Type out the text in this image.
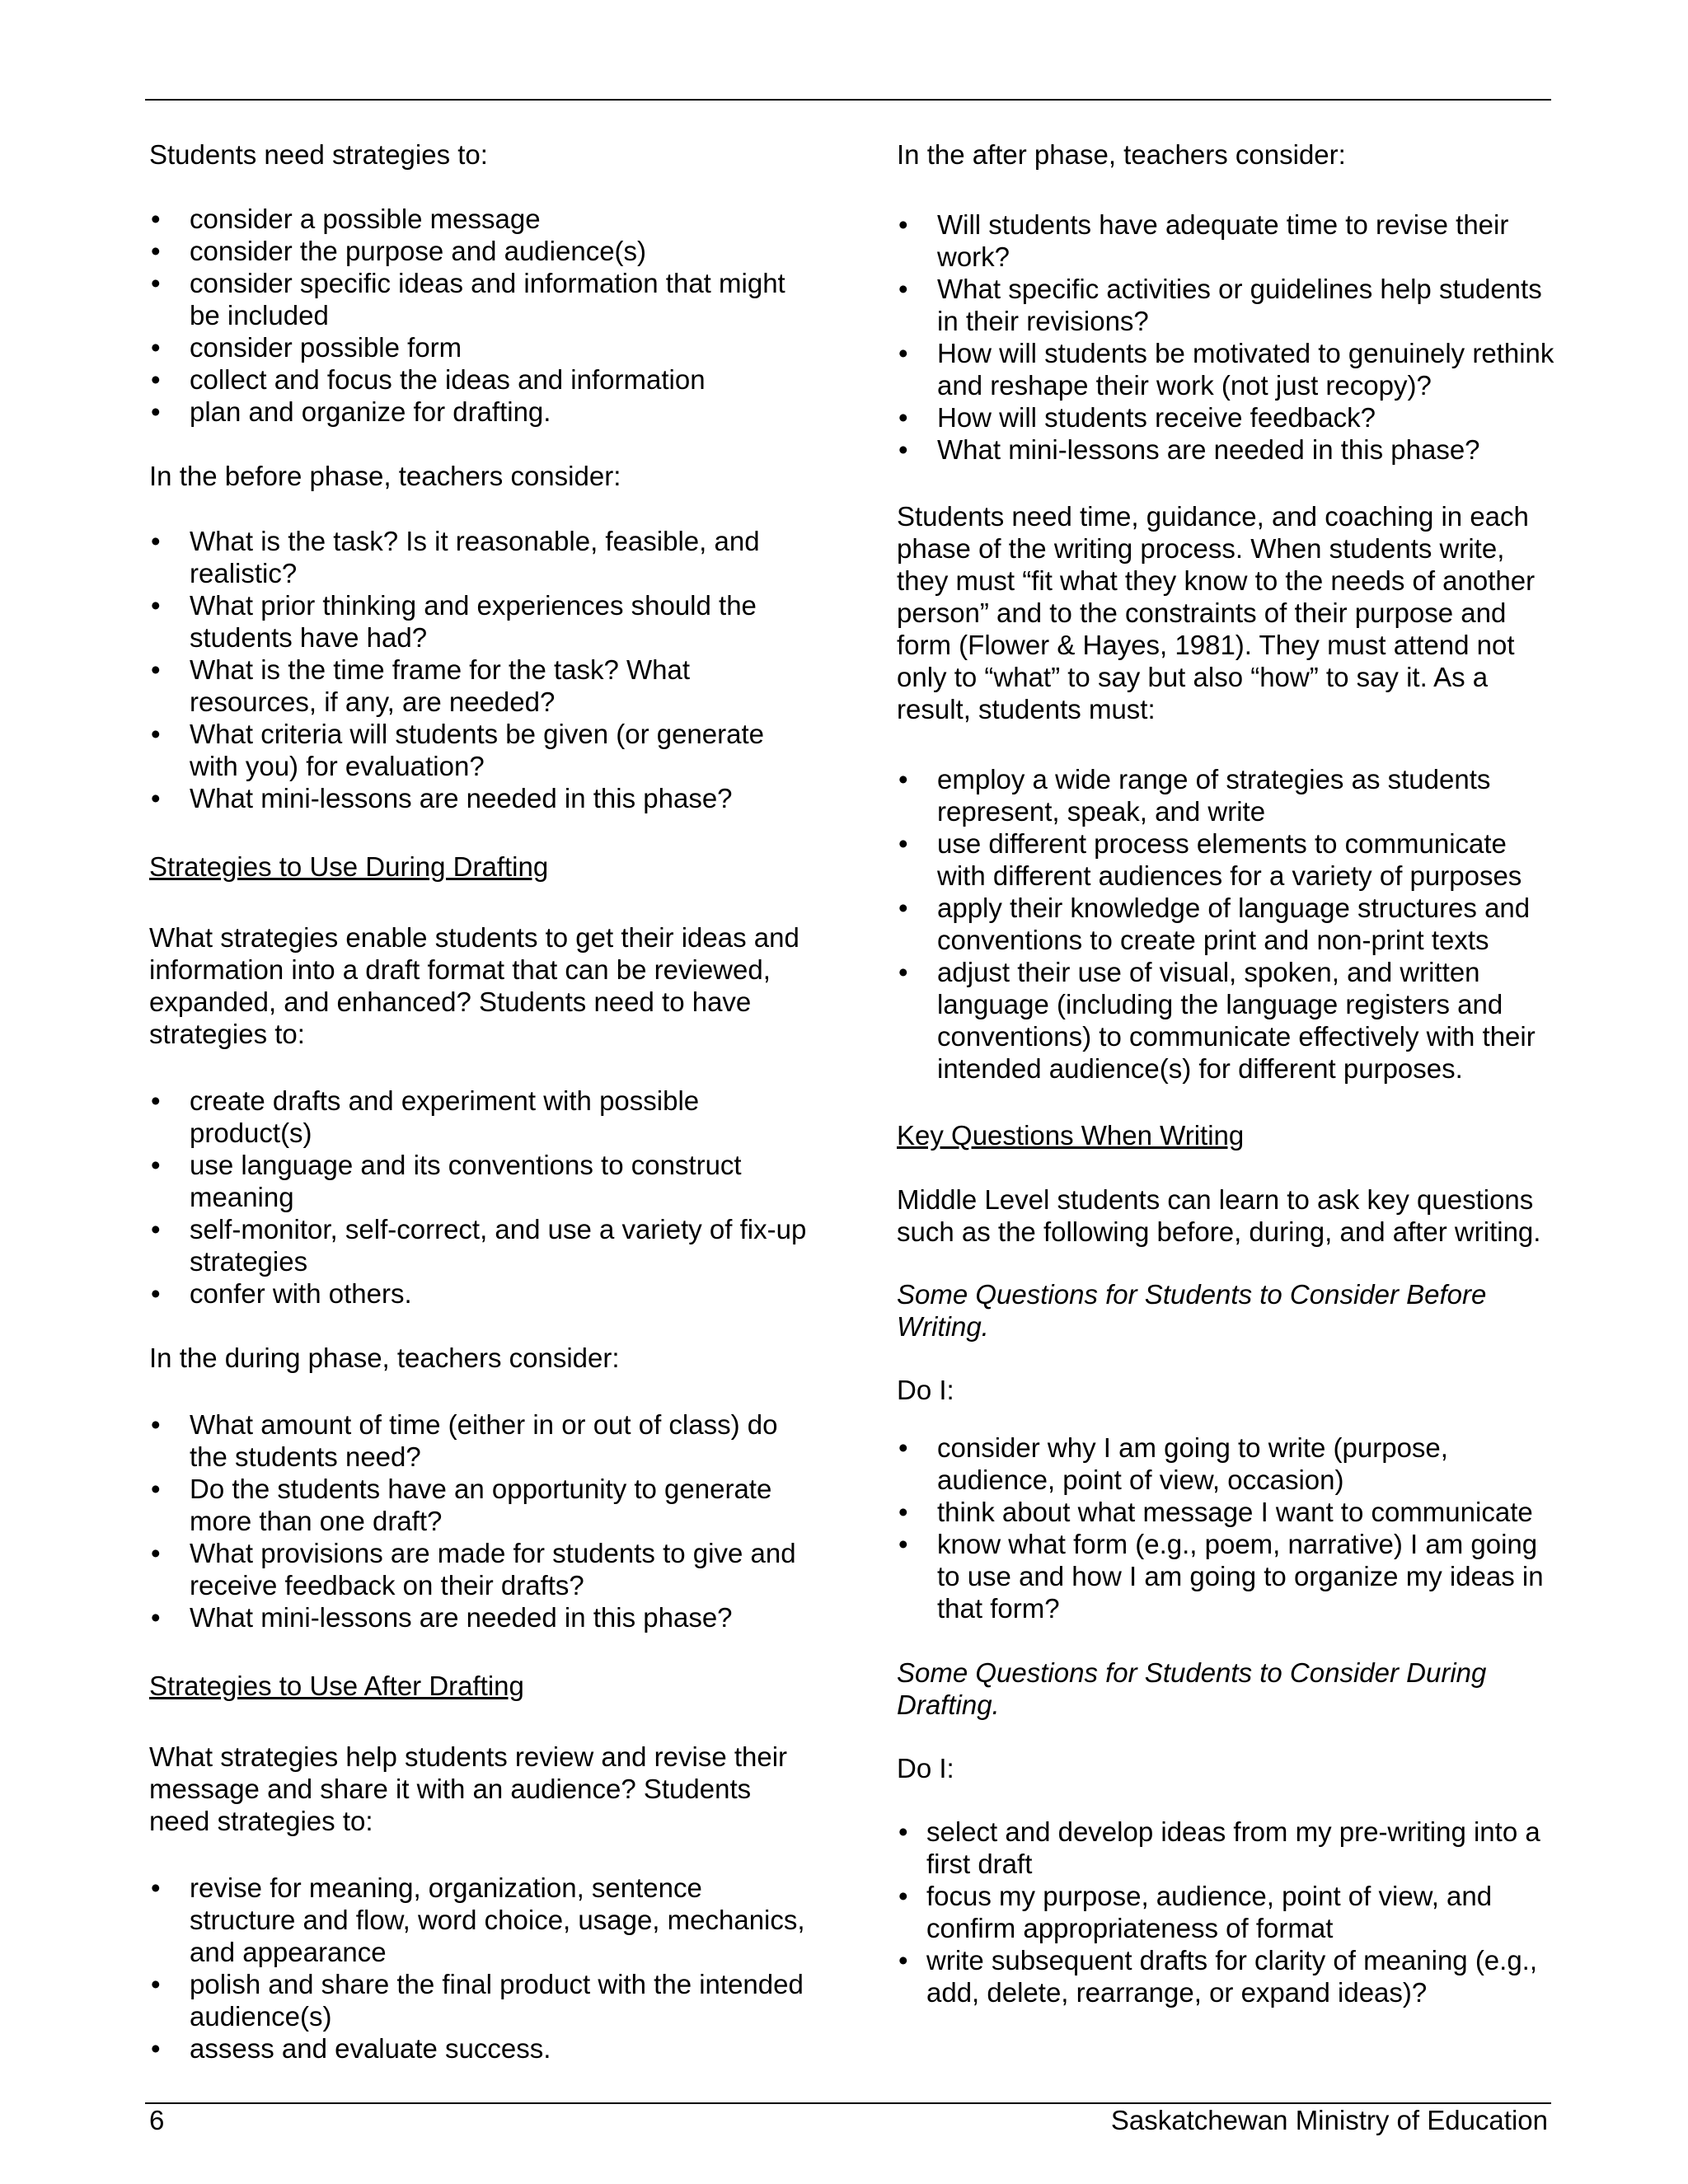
Students need strategies to:

• consider a possible message
• consider the purpose and audience(s)
• consider specific ideas and information that might be included
• consider possible form
• collect and focus the ideas and information
• plan and organize for drafting.

In the before phase, teachers consider:

• What is the task? Is it reasonable, feasible, and realistic?
• What prior thinking and experiences should the students have had?
• What is the time frame for the task? What resources, if any, are needed?
• What criteria will students be given (or generate with you) for evaluation?
• What mini-lessons are needed in this phase?

Strategies to Use During Drafting

What strategies enable students to get their ideas and information into a draft format that can be reviewed, expanded, and enhanced? Students need to have strategies to:

• create drafts and experiment with possible product(s)
• use language and its conventions to construct meaning
• self-monitor, self-correct, and use a variety of fix-up strategies
• confer with others.

In the during phase, teachers consider:

• What amount of time (either in or out of class) do the students need?
• Do the students have an opportunity to generate more than one draft?
• What provisions are made for students to give and receive feedback on their drafts?
• What mini-lessons are needed in this phase?

Strategies to Use After Drafting

What strategies help students review and revise their message and share it with an audience? Students need strategies to:

• revise for meaning, organization, sentence structure and flow, word choice, usage, mechanics, and appearance
• polish and share the final product with the intended audience(s)
• assess and evaluate success.

In the after phase, teachers consider:

• Will students have adequate time to revise their work?
• What specific activities or guidelines help students in their revisions?
• How will students be motivated to genuinely rethink and reshape their work (not just recopy)?
• How will students receive feedback?
• What mini-lessons are needed in this phase?

Students need time, guidance, and coaching in each phase of the writing process. When students write, they must “fit what they know to the needs of another person” and to the constraints of their purpose and form (Flower & Hayes, 1981). They must attend not only to “what” to say but also “how” to say it. As a result, students must:

• employ a wide range of strategies as students represent, speak, and write
• use different process elements to communicate with different audiences for a variety of purposes
• apply their knowledge of language structures and conventions to create print and non-print texts
• adjust their use of visual, spoken, and written language (including the language registers and conventions) to communicate effectively with their intended audience(s) for different purposes.

Key Questions When Writing

Middle Level students can learn to ask key questions such as the following before, during, and after writing.

Some Questions for Students to Consider Before Writing.

Do I:

• consider why I am going to write (purpose, audience, point of view, occasion)
• think about what message I want to communicate
• know what form (e.g., poem, narrative) I am going to use and how I am going to organize my ideas in that form?

Some Questions for Students to Consider During Drafting.

Do I:

• select and develop ideas from my pre-writing into a first draft
• focus my purpose, audience, point of view, and confirm appropriateness of format
• write subsequent drafts for clarity of meaning (e.g., add, delete, rearrange, or expand ideas)?
6	Saskatchewan Ministry of Education
